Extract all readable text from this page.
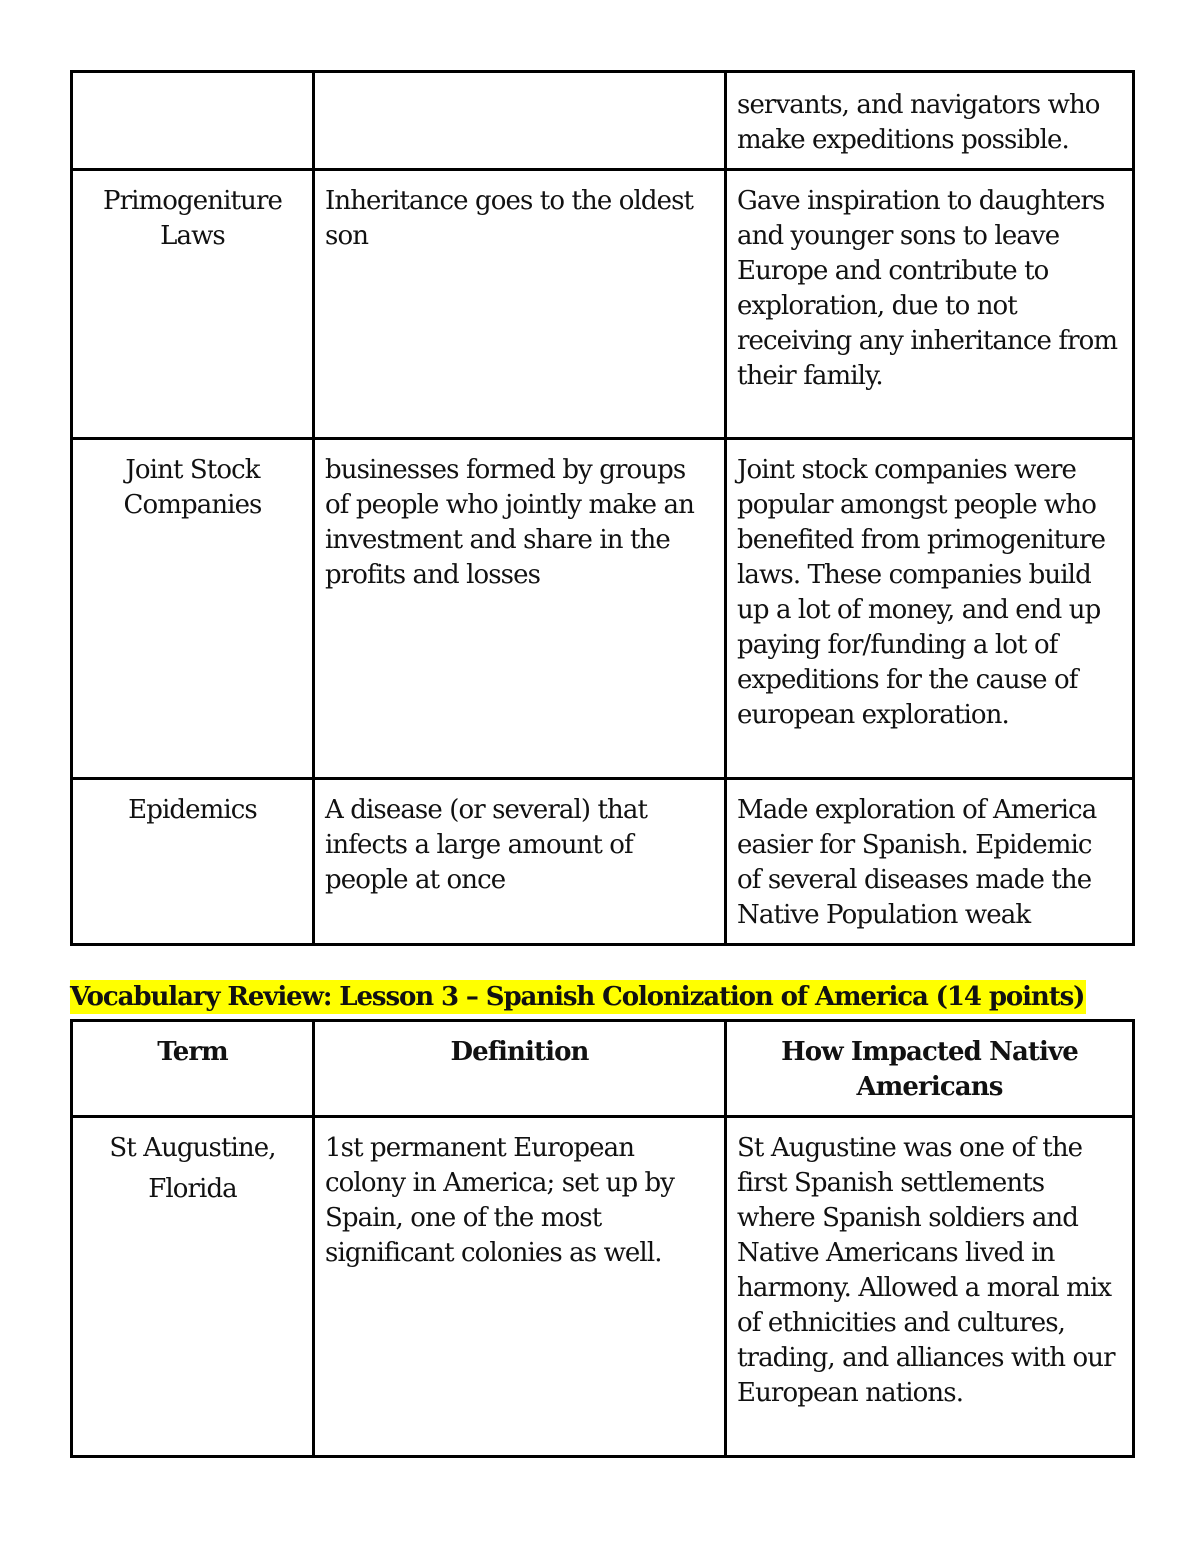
		servants, and navigators who make expeditions possible.
Primogeniture Laws	Inheritance goes to the oldest son	Gave inspiration to daughters and younger sons to leave Europe and contribute to exploration, due to not receiving any inheritance from their family.
Joint Stock Companies	businesses formed by groups of people who jointly make an investment and share in the profits and losses	Joint stock companies were popular amongst people who benefited from primogeniture laws. These companies build up a lot of money, and end up paying for/funding a lot of expeditions for the cause of european exploration.
Epidemics	A disease (or several) that infects a large amount of people at once	Made exploration of America easier for Spanish. Epidemic of several diseases made the Native Population weak
Vocabulary Review: Lesson 3 – Spanish Colonization of America (14 points)
Term	Definition	How Impacted Native Americans
St Augustine, Florida	1st permanent European colony in America; set up by Spain, one of the most significant colonies as well.	St Augustine was one of the first Spanish settlements where Spanish soldiers and Native Americans lived in harmony. Allowed a moral mix of ethnicities and cultures, trading, and alliances with our European nations.
